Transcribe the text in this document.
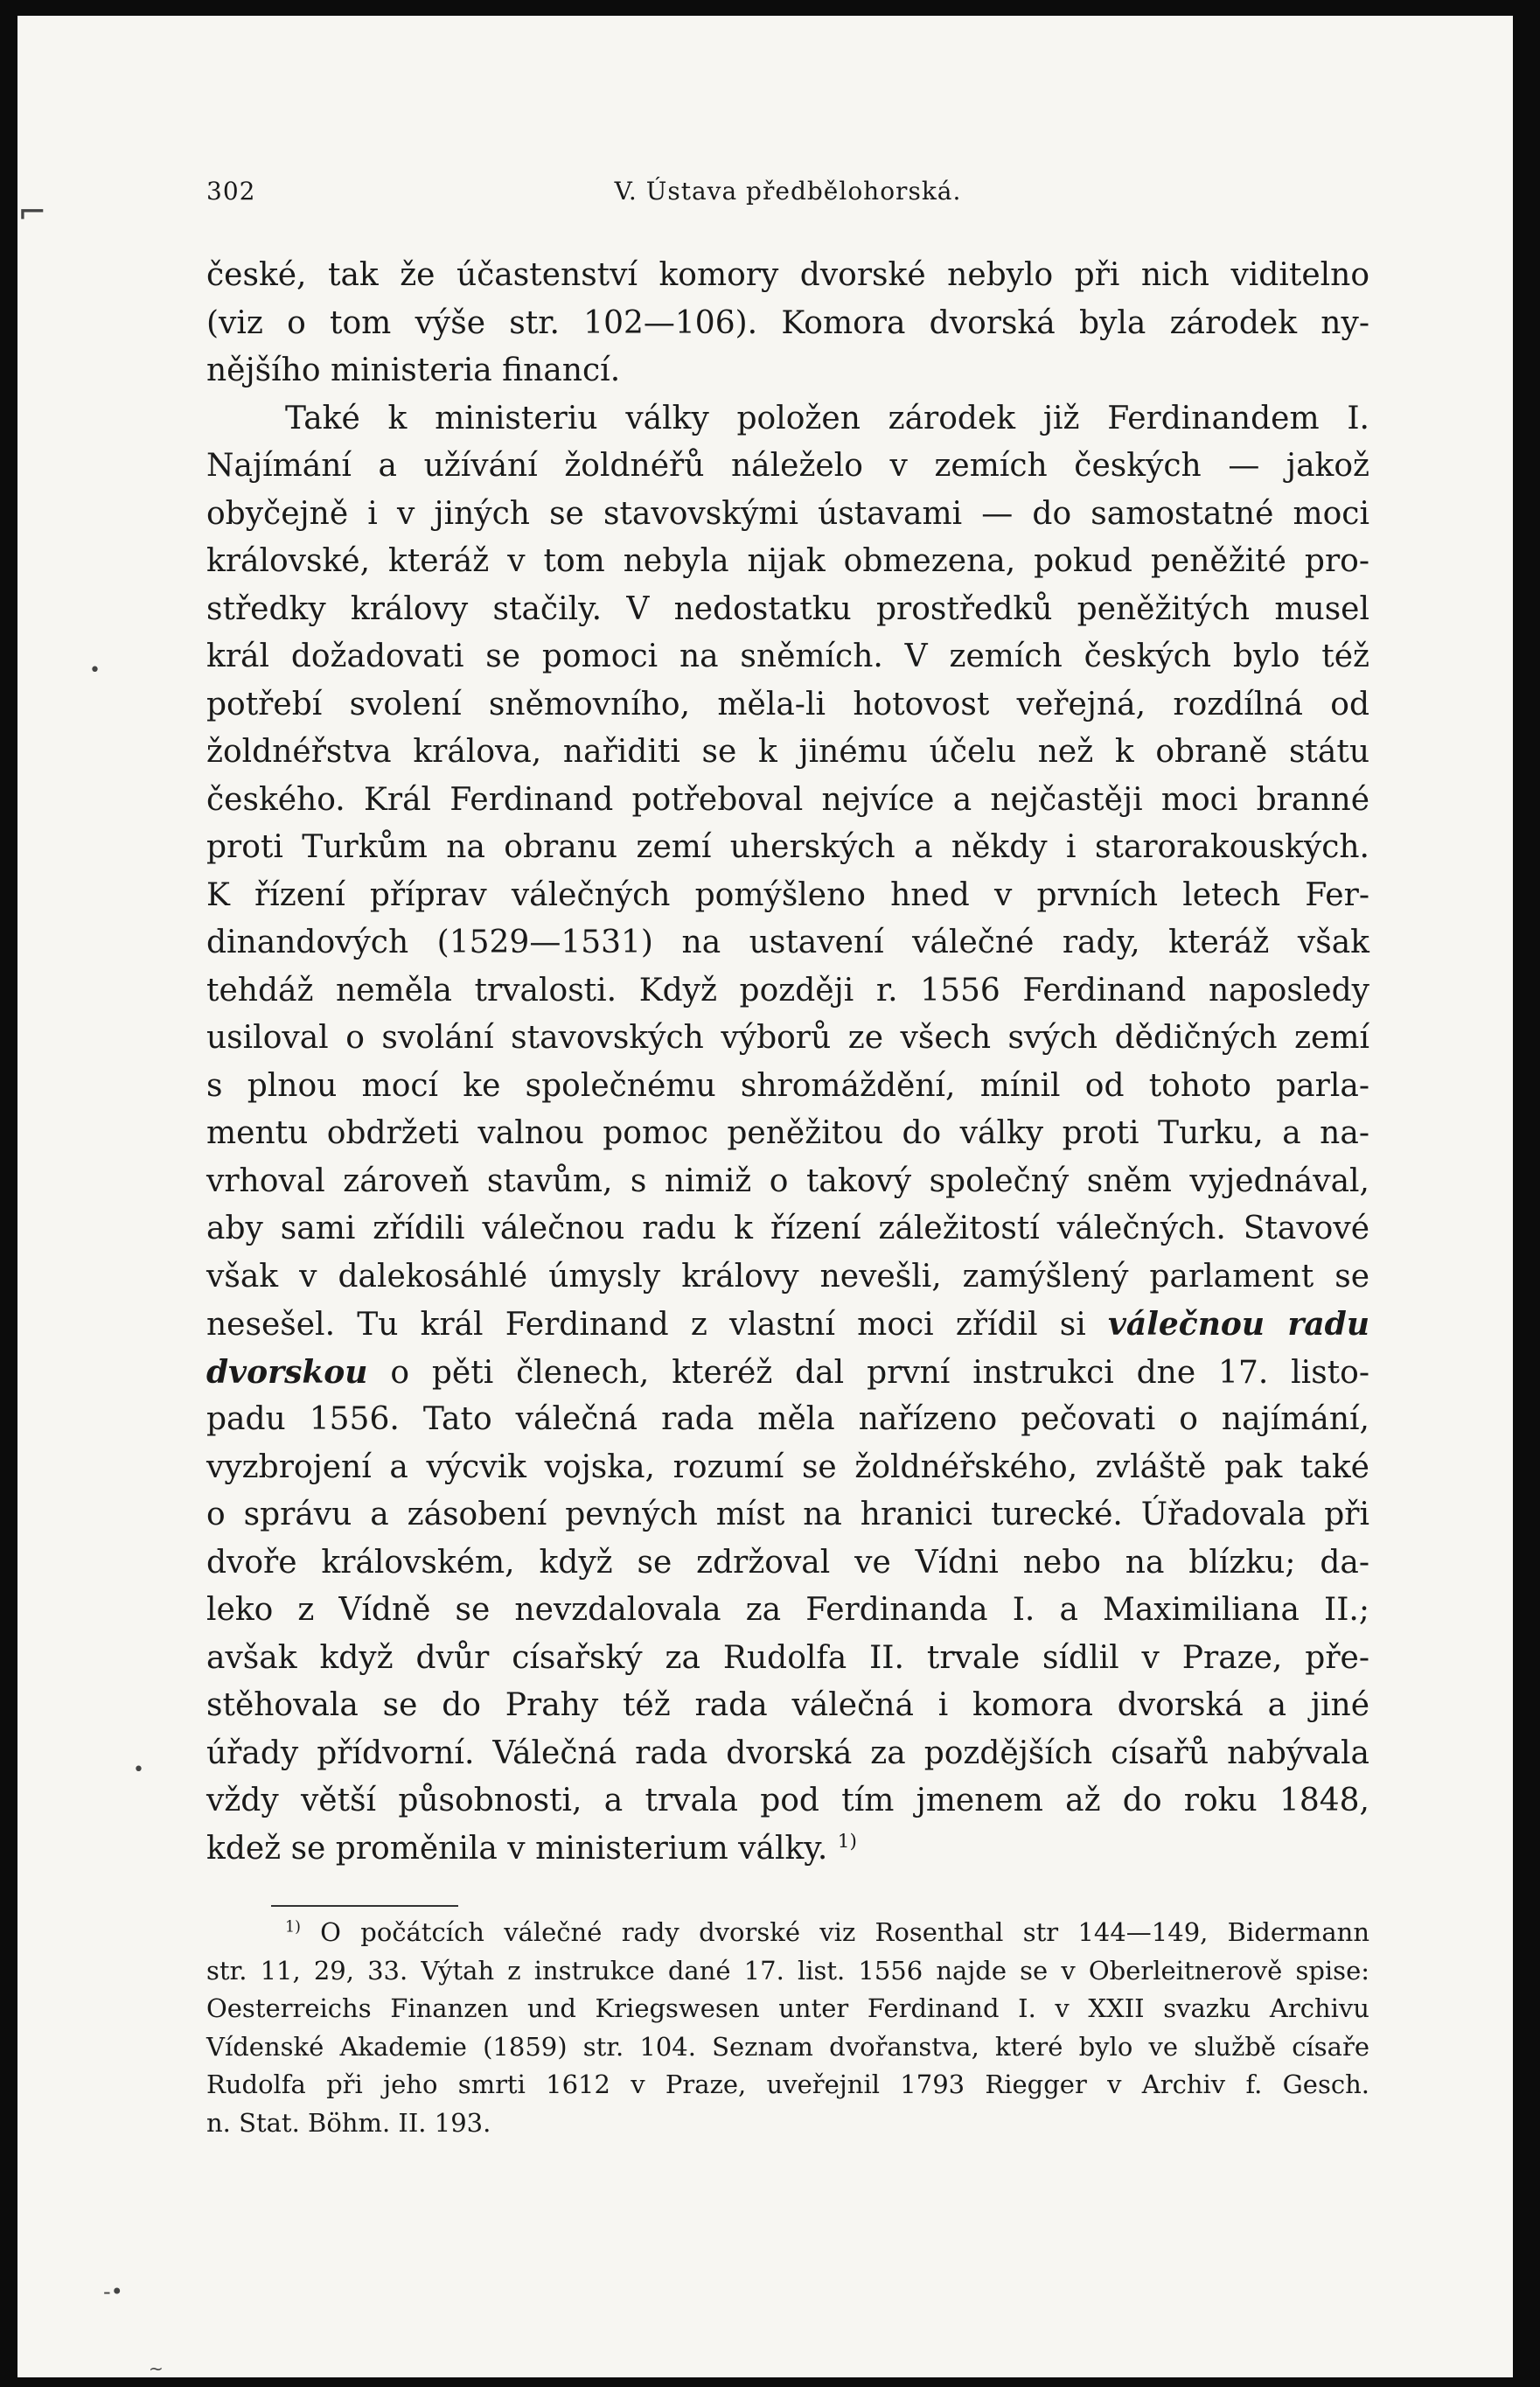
⌐
•
•
-•
~
302	V. Ústava předbělohorská.
české, tak že účastenství komory dvorské nebylo při nich viditelno
(viz o tom výše str. 102—106). Komora dvorská byla zárodek ny-
nějšího ministeria financí.
Také k ministeriu války položen zárodek již Ferdinandem I.
Najímání a užívání žoldnéřů náleželo v zemích českých — jakož
obyčejně i v jiných se stavovskými ústavami — do samostatné moci
královské, kteráž v tom nebyla nijak obmezena, pokud peněžité pro-
středky královy stačily. V nedostatku prostředků peněžitých musel
král dožadovati se pomoci na sněmích. V zemích českých bylo též
potřebí svolení sněmovního, měla-li hotovost veřejná, rozdílná od
žoldnéřstva králova, nařiditi se k jinému účelu než k obraně státu
českého. Král Ferdinand potřeboval nejvíce a nejčastěji moci branné
proti Turkům na obranu zemí uherských a někdy i starorakouských.
K řízení příprav válečných pomýšleno hned v prvních letech Fer-
dinandových (1529—1531) na ustavení válečné rady, kteráž však
tehdáž neměla trvalosti. Když později r. 1556 Ferdinand naposledy
usiloval o svolání stavovských výborů ze všech svých dědičných zemí
s plnou mocí ke společnému shromáždění, mínil od tohoto parla-
mentu obdržeti valnou pomoc peněžitou do války proti Turku, a na-
vrhoval zároveň stavům, s nimiž o takový společný sněm vyjednával,
aby sami zřídili válečnou radu k řízení záležitostí válečných. Stavové
však v dalekosáhlé úmysly královy nevešli, zamýšlený parlament se
nesešel. Tu král Ferdinand z vlastní moci zřídil si válečnou radu
dvorskou o pěti členech, kteréž dal první instrukci dne 17. listo-
padu 1556. Tato válečná rada měla nařízeno pečovati o najímání,
vyzbrojení a výcvik vojska, rozumí se žoldnéřského, zvláště pak také
o správu a zásobení pevných míst na hranici turecké. Úřadovala při
dvoře královském, když se zdržoval ve Vídni nebo na blízku; da-
leko z Vídně se nevzdalovala za Ferdinanda I. a Maximiliana II.;
avšak když dvůr císařský za Rudolfa II. trvale sídlil v Praze, pře-
stěhovala se do Prahy též rada válečná i komora dvorská a jiné
úřady přídvorní. Válečná rada dvorská za pozdějších císařů nabývala
vždy větší působnosti, a trvala pod tím jmenem až do roku 1848,
kdež se proměnila v ministerium války. $^{1)}$
$^{1)}$ O počátcích válečné rady dvorské viz Rosenthal str 144—149, Bidermann
str. 11, 29, 33. Výtah z instrukce dané 17. list. 1556 najde se v Oberleitnerově spise:
Oesterreichs Finanzen und Kriegswesen unter Ferdinand I. v XXII svazku Archivu
Vídenské Akademie (1859) str. 104. Seznam dvořanstva, které bylo ve službě císaře
Rudolfa při jeho smrti 1612 v Praze, uveřejnil 1793 Riegger v Archiv f. Gesch.
n. Stat. Böhm. II. 193.
